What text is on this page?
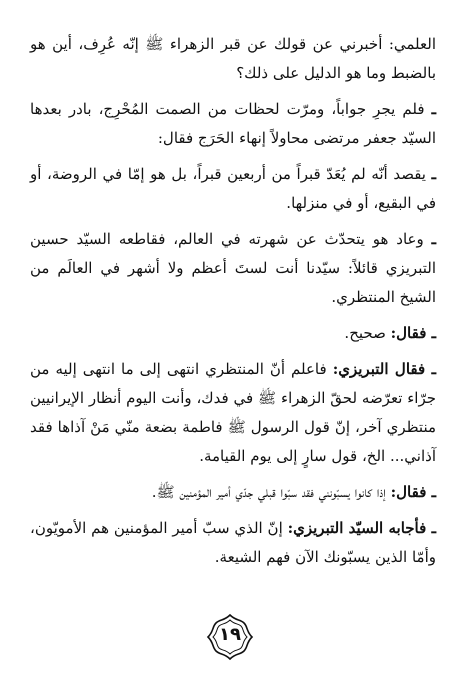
العلمي: أخبرني عن قولك عن قبر الزهراء ﷺ إنّه عُرِف، أين هو بالضبط وما هو الدليل على ذلك؟

ـ فلم يجرِ جواباً، ومرّت لحظات من الصمت المُحْرِج، بادر بعدها السيّد جعفر مرتضى محاولاً إنهاء الحَرَج فقال:

ـ يقصد أنّه لم يُعَدّ قبراً من أربعين قبراً، بل هو إمّا في الروضة، أو في البقيع، أو في منزلها.

ـ وعاد هو يتحدّث عن شهرته في العالم، فقاطعه السيّد حسين التبريزي قائلاً: سيّدنا أنت لستَ أعظم ولا أشهر في العالَم من الشيخ المنتظري.

ـ فقال: صحيح.

ـ فقال التبريزي: فاعلم أنّ المنتظري انتهى إلى ما انتهى إليه من جرّاء تعرّضه لحقّ الزهراء ﷺ في فدك، وأنت اليوم أنظار الإيرانيين منتظري آخر، إنّ قول الرسول ﷺ فاطمة بضعة منّي مَنْ آذاها فقد آذاني... الخ، قول سارٍ إلى يوم القيامة.

ـ فقال: إذا كانوا يسبّونني فقد سبّوا قبلي جدّي أمير المؤمنين ﷺ.

ـ فأجابه السيّد التبريزي: إنّ الذي سبّ أمير المؤمنين هم الأمويّون، وأمّا الذين يسبّونك الآن فهم الشيعة.

١٩
